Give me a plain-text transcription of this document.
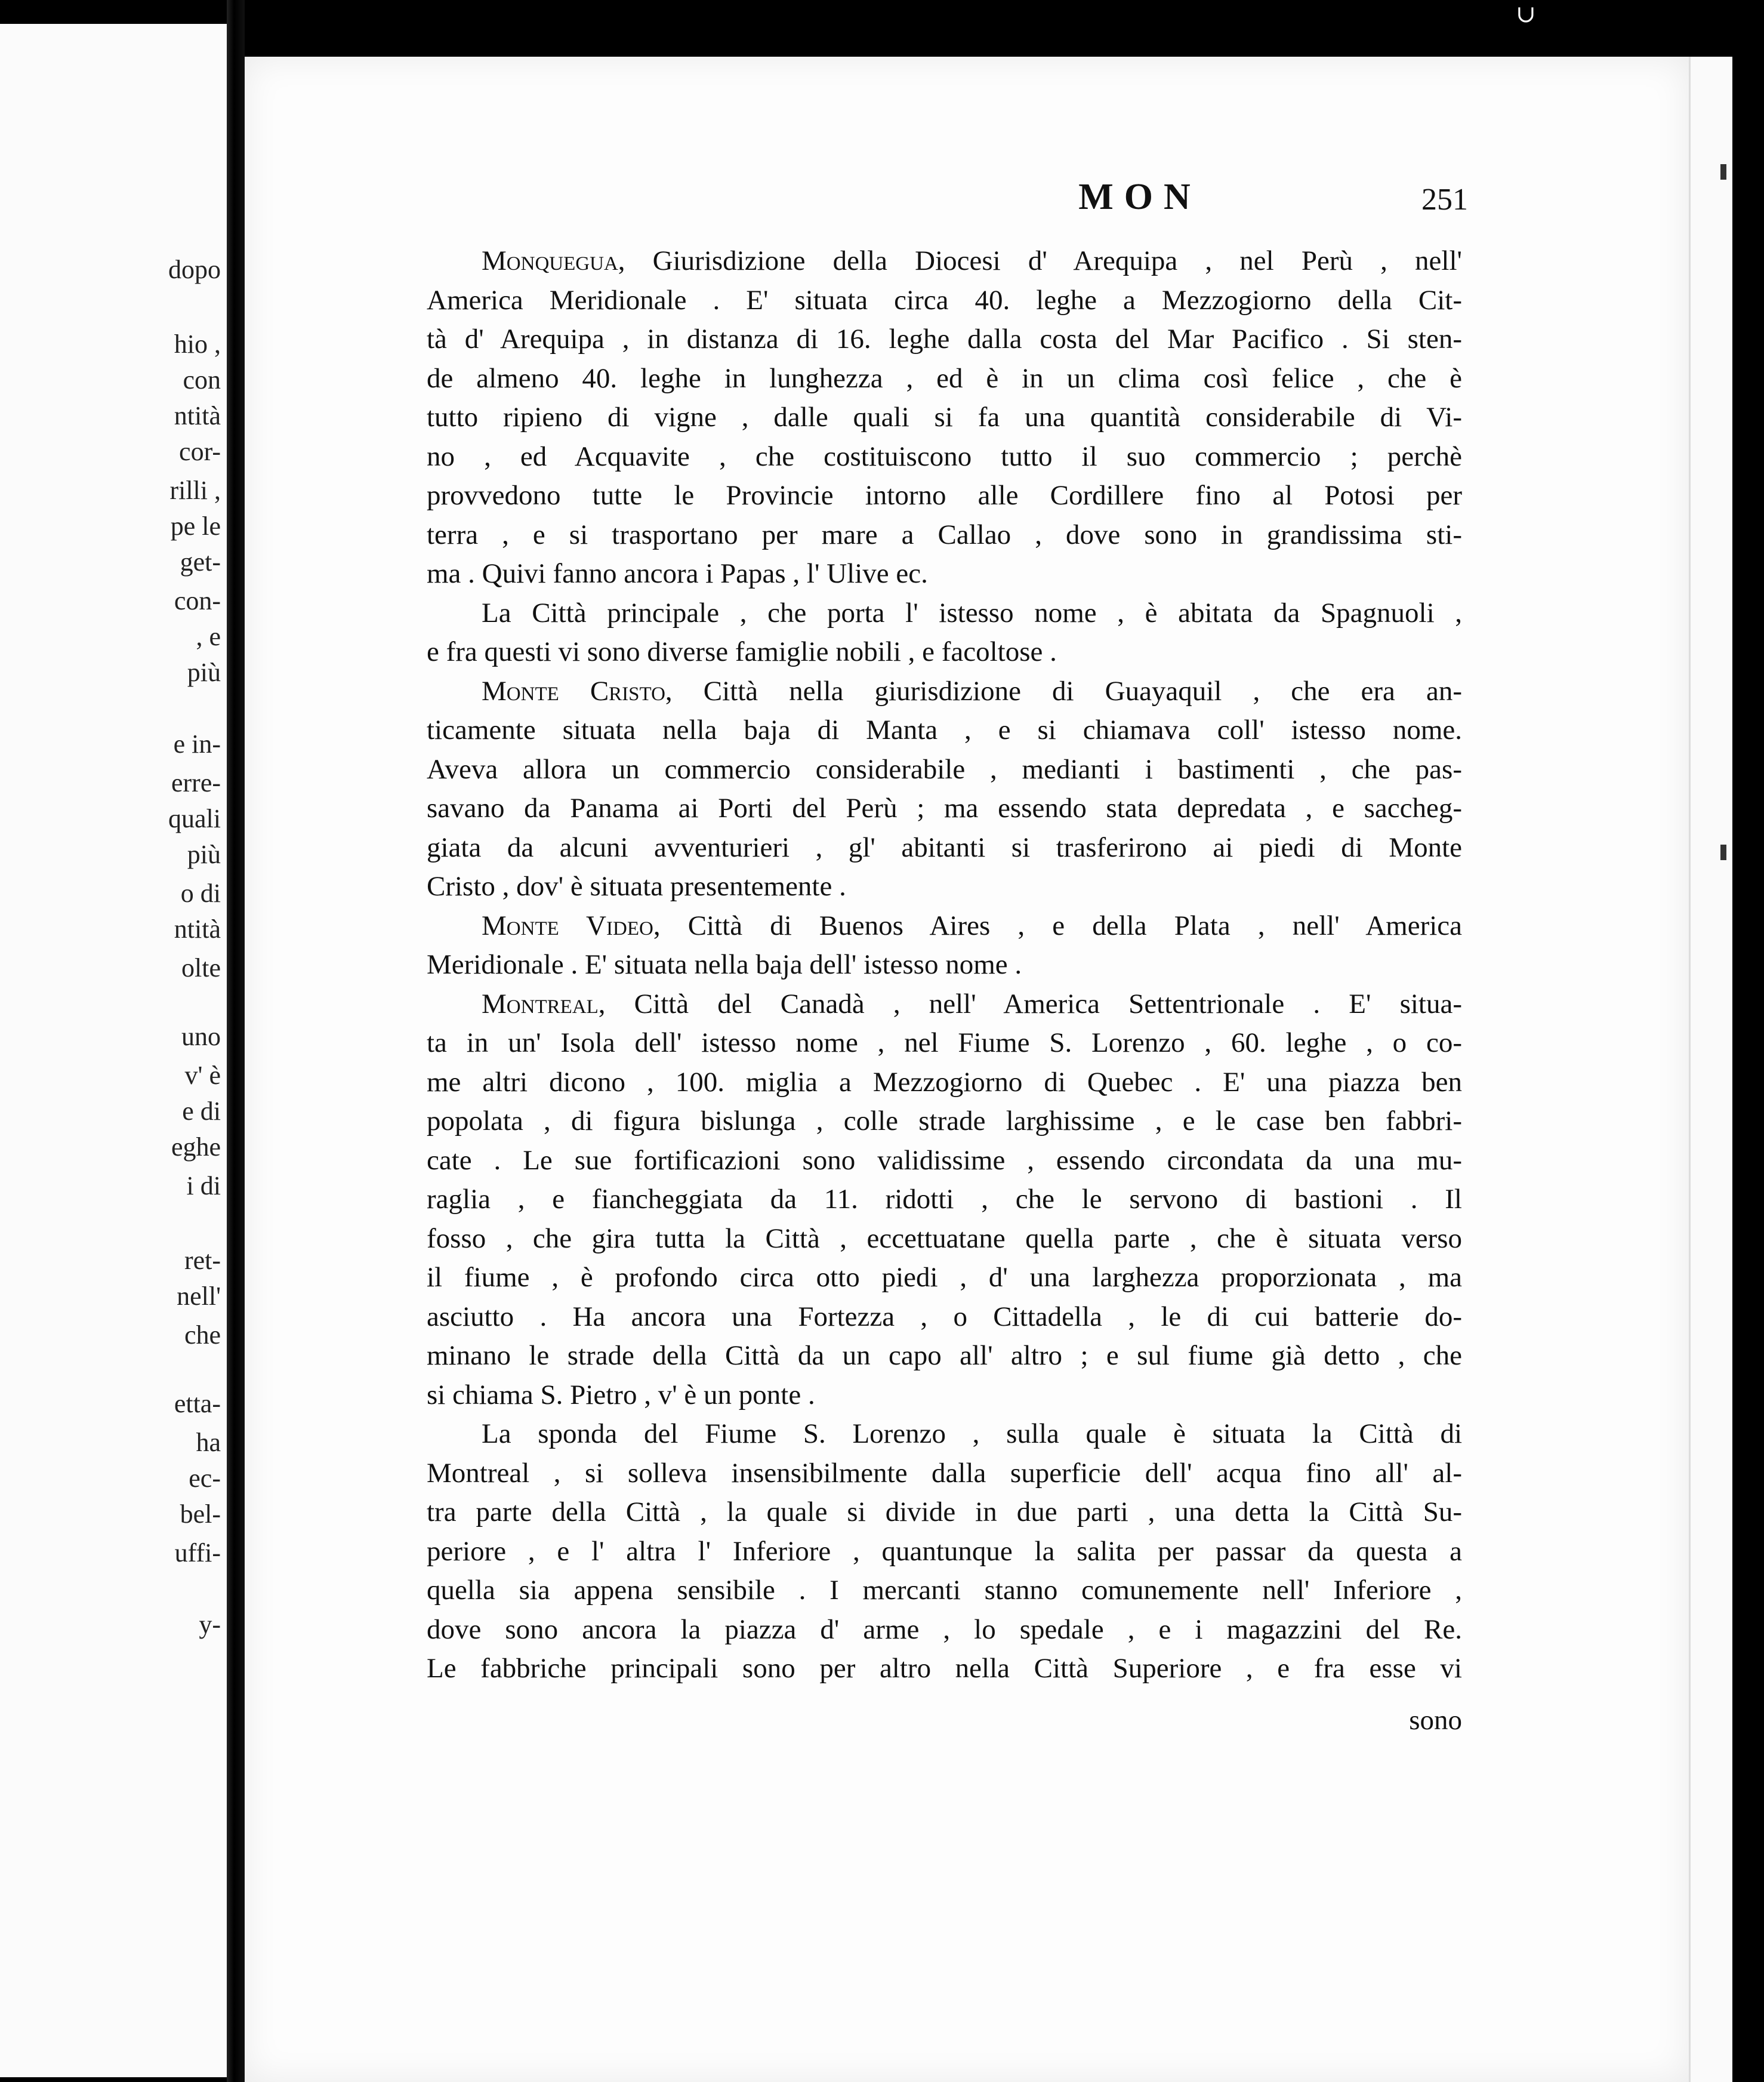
dopo
hio ,
con
ntità
cor-
rilli ,
pe le
get-
con-
, e
più
e in-
erre-
quali
più
o di
ntità
olte
uno
v' è
e di
eghe
i di
ret-
nell'
che
etta-
ha
ec-
bel-
uffi-
y-
MON	251
Monquegua, Giurisdizione della Diocesi d' Arequipa , nel Perù , nell'
America Meridionale . E' situata circa 40. leghe a Mezzogiorno della Cit-
tà d' Arequipa , in distanza di 16. leghe dalla costa del Mar Pacifico . Si sten-
de almeno 40. leghe in lunghezza , ed è in un clima così felice , che è
tutto ripieno di vigne , dalle quali si fa una quantità considerabile di Vi-
no , ed Acquavite , che costituiscono tutto il suo commercio ; perchè
provvedono tutte le Provincie intorno alle Cordillere fino al Potosi per
terra , e si trasportano per mare a Callao , dove sono in grandissima sti-
ma . Quivi fanno ancora i Papas , l' Ulive ec.
La Città principale , che porta l' istesso nome , è abitata da Spagnuoli ,
e fra questi vi sono diverse famiglie nobili , e facoltose .
Monte Cristo, Città nella giurisdizione di Guayaquil , che era an-
ticamente situata nella baja di Manta , e si chiamava coll' istesso nome.
Aveva allora un commercio considerabile , medianti i bastimenti , che pas-
savano da Panama ai Porti del Perù ; ma essendo stata depredata , e saccheg-
giata da alcuni avventurieri , gl' abitanti si trasferirono ai piedi di Monte
Cristo , dov' è situata presentemente .
Monte Video, Città di Buenos Aires , e della Plata , nell' America
Meridionale . E' situata nella baja dell' istesso nome .
Montreal, Città del Canadà , nell' America Settentrionale . E' situa-
ta in un' Isola dell' istesso nome , nel Fiume S. Lorenzo , 60. leghe , o co-
me altri dicono , 100. miglia a Mezzogiorno di Quebec . E' una piazza ben
popolata , di figura bislunga , colle strade larghissime , e le case ben fabbri-
cate . Le sue fortificazioni sono validissime , essendo circondata da una mu-
raglia , e fiancheggiata da 11. ridotti , che le servono di bastioni . Il
fosso , che gira tutta la Città , eccettuatane quella parte , che è situata verso
il fiume , è profondo circa otto piedi , d' una larghezza proporzionata , ma
asciutto . Ha ancora una Fortezza , o Cittadella , le di cui batterie do-
minano le strade della Città da un capo all' altro ; e sul fiume già detto , che
si chiama S. Pietro , v' è un ponte .
La sponda del Fiume S. Lorenzo , sulla quale è situata la Città di
Montreal , si solleva insensibilmente dalla superficie dell' acqua fino all' al-
tra parte della Città , la quale si divide in due parti , una detta la Città Su-
periore , e l' altra l' Inferiore , quantunque la salita per passar da questa a
quella sia appena sensibile . I mercanti stanno comunemente nell' Inferiore ,
dove sono ancora la piazza d' arme , lo spedale , e i magazzini del Re.
Le fabbriche principali sono per altro nella Città Superiore , e fra esse vi
sono
∪
